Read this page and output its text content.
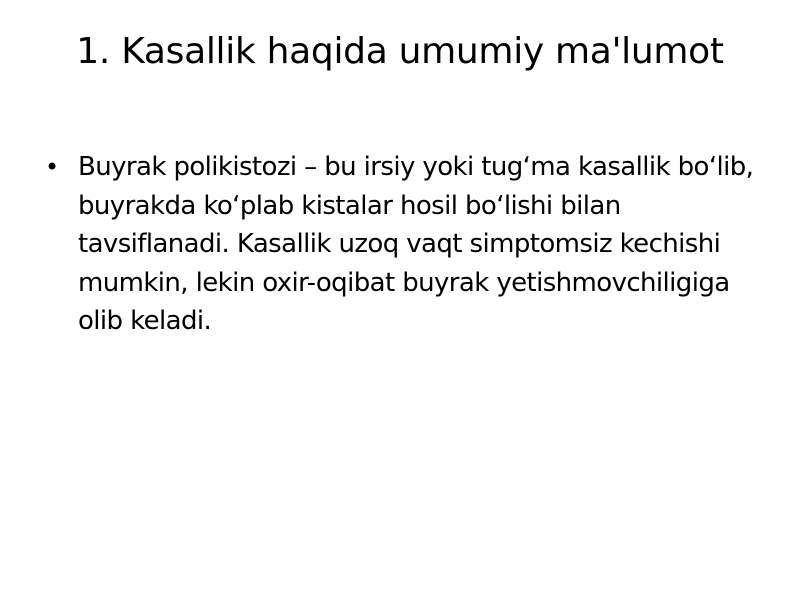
1. Kasallik haqida umumiy ma'lumot
• Buyrak polikistozi – bu irsiy yoki tug‘ma kasallik bo‘lib, buyrakda ko‘plab kistalar hosil bo‘lishi bilan tavsiflanadi. Kasallik uzoq vaqt simptomsiz kechishi mumkin, lekin oxir-oqibat buyrak yetishmovchiligiga olib keladi.
